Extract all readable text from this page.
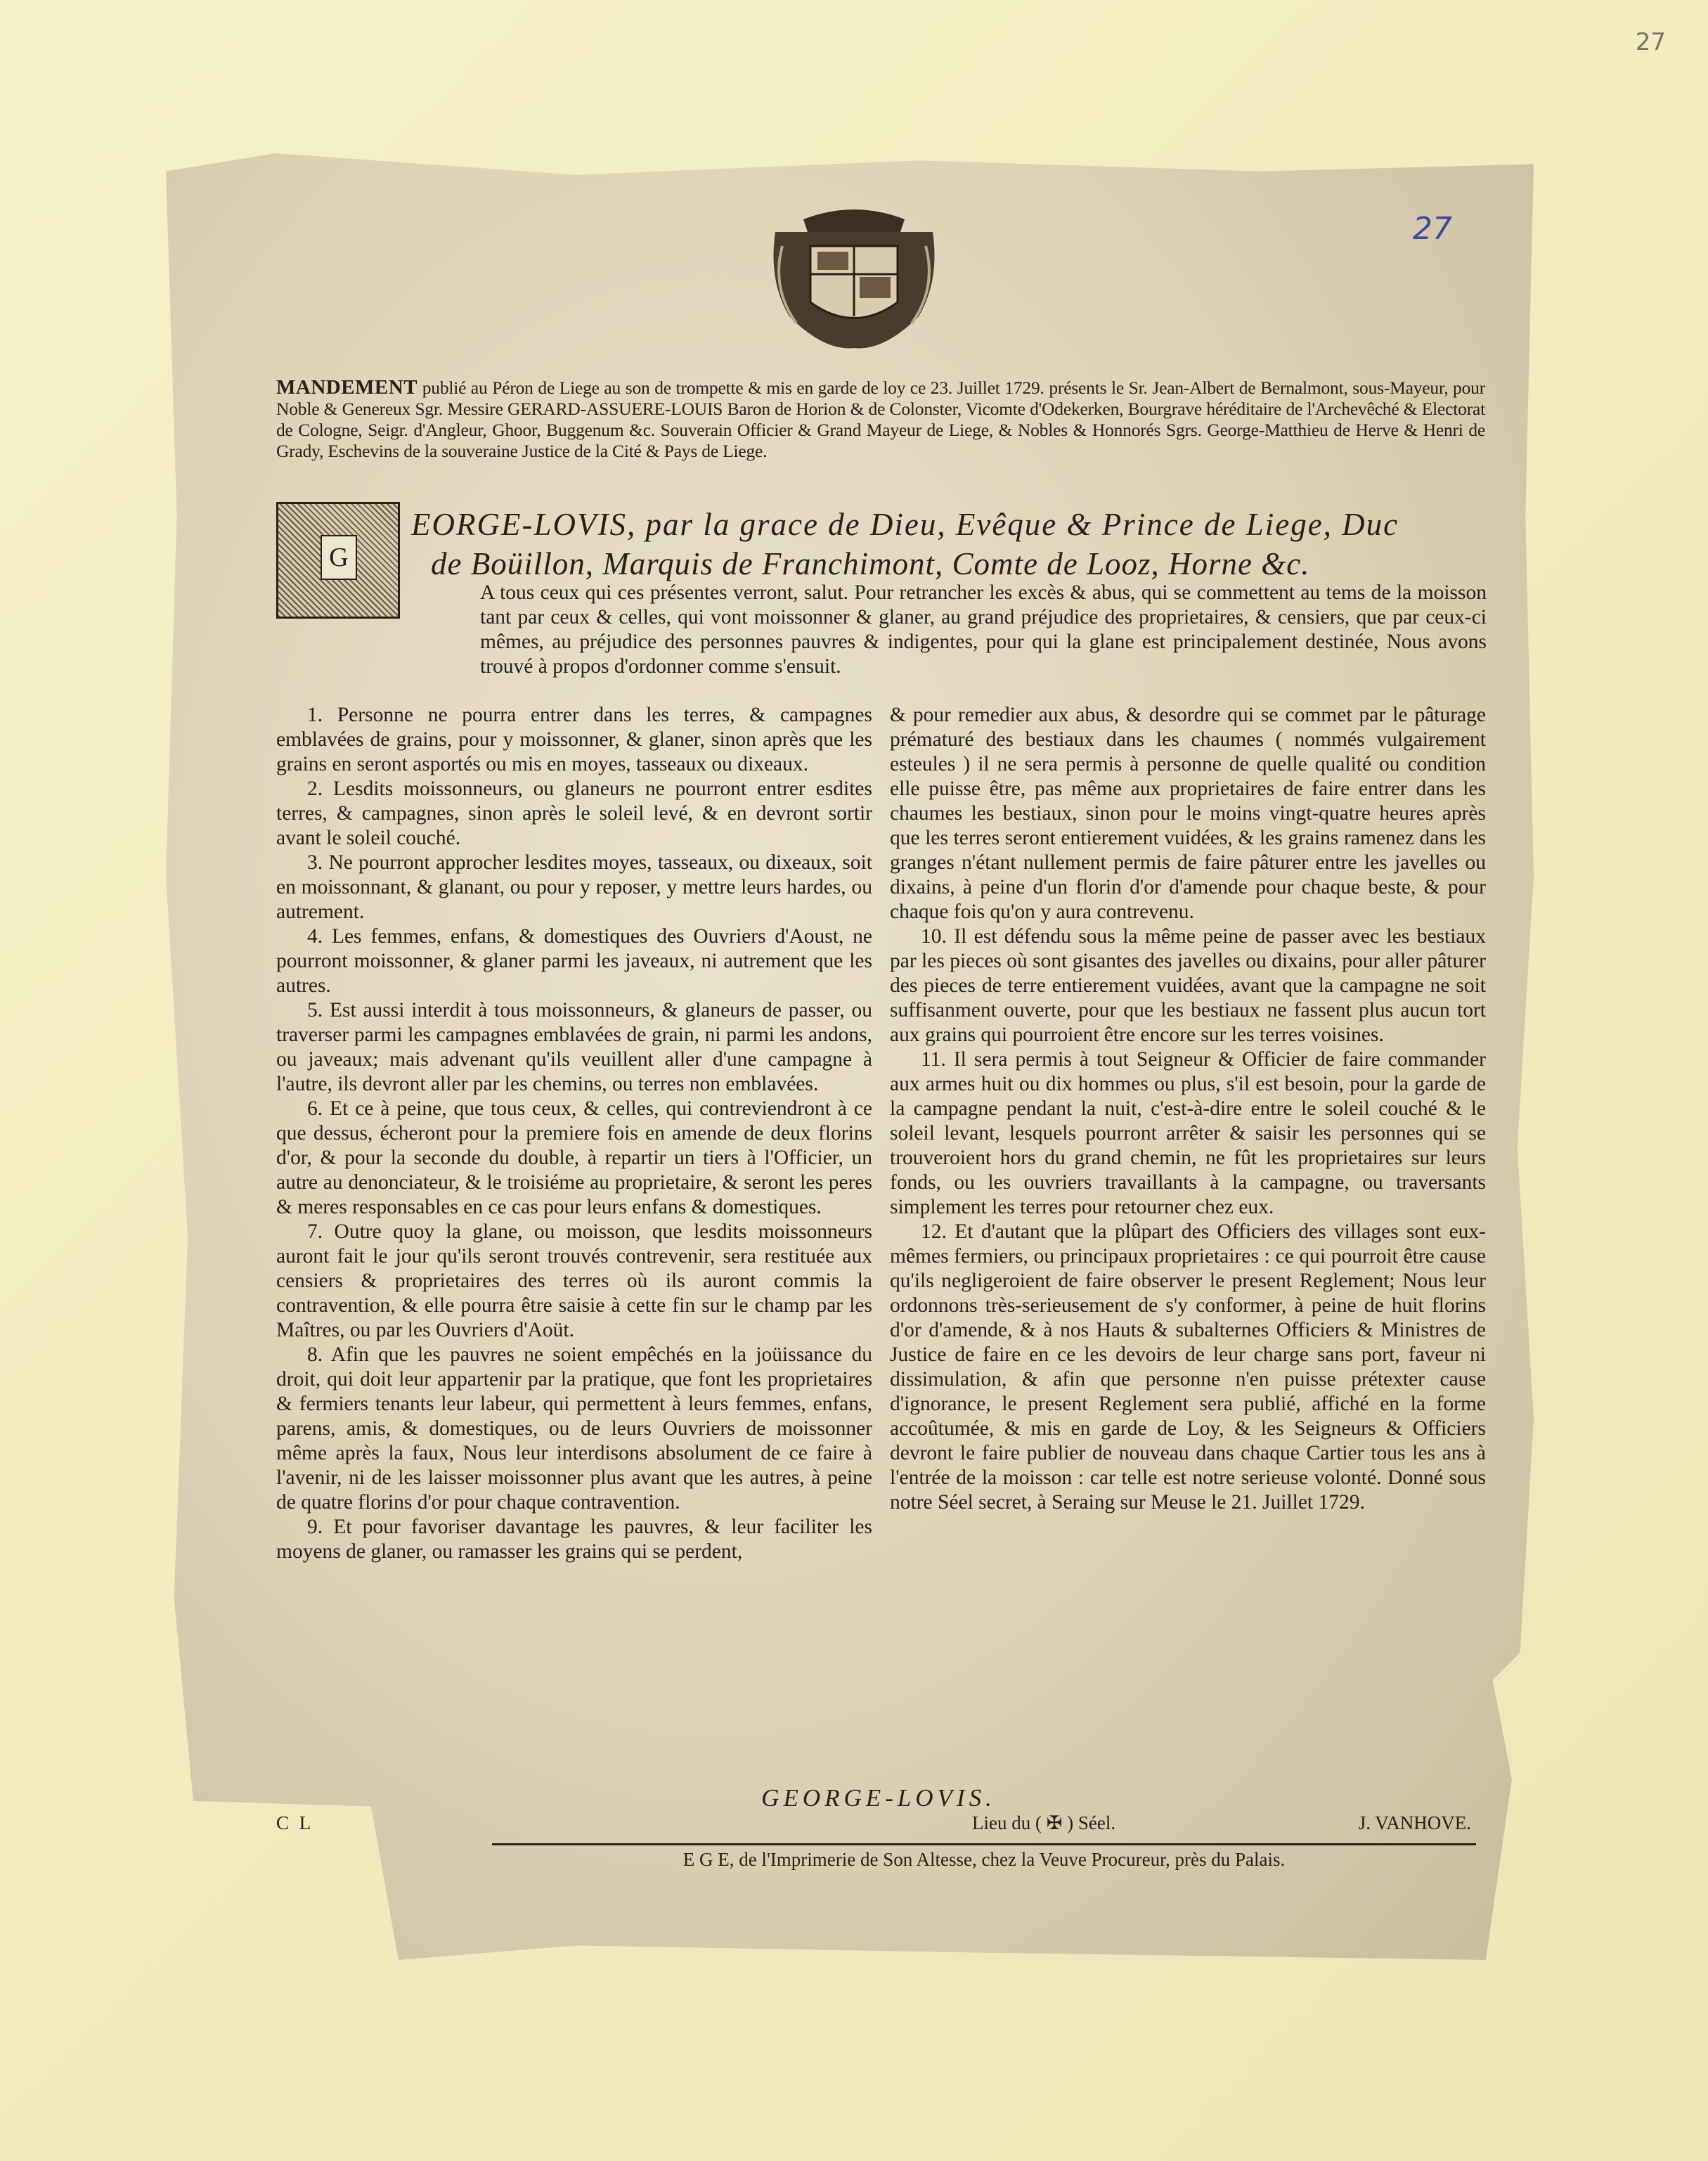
27
27
MANDEMENT publié au Péron de Liege au son de trompette & mis en garde de loy ce 23. Juillet 1729. présents le Sr. Jean-Albert de Bernalmont, sous-Mayeur, pour Noble & Genereux Sgr. Messire GERARD-ASSUERE-LOUIS Baron de Horion & de Colonster, Vicomte d'Odekerken, Bourgrave héréditaire de l'Archevêché & Electorat de Cologne, Seigr. d'Angleur, Ghoor, Buggenum &c. Souverain Officier & Grand Mayeur de Liege, & Nobles & Honnorés Sgrs. George-Matthieu de Herve & Henri de Grady, Eschevins de la souveraine Justice de la Cité & Pays de Liege.
G
EORGE-LOVIS, par la grace de Dieu, Evêque & Prince de Liege, Duc
de Boüillon, Marquis de Franchimont, Comte de Looz, Horne &c.

A tous ceux qui ces présentes verront, salut. Pour retrancher les excès & abus, qui se commettent au tems de la moisson tant par ceux & celles, qui vont moissonner & glaner, au grand préjudice des proprietaires, & censiers, que par ceux-ci mêmes, au préjudice des personnes pauvres & indigentes, pour qui la glane est principalement destinée, Nous avons trouvé à propos d'ordonner comme s'ensuit.

1. Personne ne pourra entrer dans les terres, & campagnes emblavées de grains, pour y moissonner, & glaner, sinon après que les grains en seront asportés ou mis en moyes, tasseaux ou dixeaux.

2. Lesdits moissonneurs, ou glaneurs ne pourront entrer esdites terres, & campagnes, sinon après le soleil levé, & en devront sortir avant le soleil couché.

3. Ne pourront approcher lesdites moyes, tasseaux, ou dixeaux, soit en moissonnant, & glanant, ou pour y reposer, y mettre leurs hardes, ou autrement.

4. Les femmes, enfans, & domestiques des Ouvriers d'Aoust, ne pourront moissonner, & glaner parmi les javeaux, ni autrement que les autres.

5. Est aussi interdit à tous moissonneurs, & glaneurs de passer, ou traverser parmi les campagnes emblavées de grain, ni parmi les andons, ou javeaux; mais advenant qu'ils veuillent aller d'une campagne à l'autre, ils devront aller par les chemins, ou terres non emblavées.

6. Et ce à peine, que tous ceux, & celles, qui contreviendront à ce que dessus, écheront pour la premiere fois en amende de deux florins d'or, & pour la seconde du double, à repartir un tiers à l'Officier, un autre au denonciateur, & le troisiéme au proprietaire, & seront les peres & meres responsables en ce cas pour leurs enfans & domestiques.

7. Outre quoy la glane, ou moisson, que lesdits moissonneurs auront fait le jour qu'ils seront trouvés contrevenir, sera restituée aux censiers & proprietaires des terres où ils auront commis la contravention, & elle pourra être saisie à cette fin sur le champ par les Maîtres, ou par les Ouvriers d'Aoüt.

8. Afin que les pauvres ne soient empêchés en la joüissance du droit, qui doit leur appartenir par la pratique, que font les proprietaires & fermiers tenants leur labeur, qui permettent à leurs femmes, enfans, parens, amis, & domestiques, ou de leurs Ouvriers de moissonner même après la faux, Nous leur interdisons absolument de ce faire à l'avenir, ni de les laisser moissonner plus avant que les autres, à peine de quatre florins d'or pour chaque contravention.

9. Et pour favoriser davantage les pauvres, & leur faciliter les moyens de glaner, ou ramasser les grains qui se perdent,

& pour remedier aux abus, & desordre qui se commet par le pâturage prématuré des bestiaux dans les chaumes ( nommés vulgairement esteules ) il ne sera permis à personne de quelle qualité ou condition elle puisse être, pas même aux proprietaires de faire entrer dans les chaumes les bestiaux, sinon pour le moins vingt-quatre heures après que les terres seront entierement vuidées, & les grains ramenez dans les granges n'étant nullement permis de faire pâturer entre les javelles ou dixains, à peine d'un florin d'or d'amende pour chaque beste, & pour chaque fois qu'on y aura contrevenu.

10. Il est défendu sous la même peine de passer avec les bestiaux par les pieces où sont gisantes des javelles ou dixains, pour aller pâturer des pieces de terre entierement vuidées, avant que la campagne ne soit suffisanment ouverte, pour que les bestiaux ne fassent plus aucun tort aux grains qui pourroient être encore sur les terres voisines.

11. Il sera permis à tout Seigneur & Officier de faire commander aux armes huit ou dix hommes ou plus, s'il est besoin, pour la garde de la campagne pendant la nuit, c'est-à-dire entre le soleil couché & le soleil levant, lesquels pourront arrêter & saisir les personnes qui se trouveroient hors du grand chemin, ne fût les proprietaires sur leurs fonds, ou les ouvriers travaillants à la campagne, ou traversants simplement les terres pour retourner chez eux.

12. Et d'autant que la plûpart des Officiers des villages sont eux-mêmes fermiers, ou principaux proprietaires : ce qui pourroit être cause qu'ils negligeroient de faire observer le present Reglement; Nous leur ordonnons très-serieusement de s'y conformer, à peine de huit florins d'or d'amende, & à nos Hauts & subalternes Officiers & Ministres de Justice de faire en ce les devoirs de leur charge sans port, faveur ni dissimulation, & afin que personne n'en puisse prétexter cause d'ignorance, le present Reglement sera publié, affiché en la forme accoûtumée, & mis en garde de Loy, & les Seigneurs & Officiers devront le faire publier de nouveau dans chaque Cartier tous les ans à l'entrée de la moisson : car telle est notre serieuse volonté. Donné sous notre Séel secret, à Seraing sur Meuse le 21. Juillet 1729.

GEORGE-LOVIS.
C L	Lieu du ( ✠ ) Séel.	J. VANHOVE.
E G E, de l'Imprimerie de Son Altesse, chez la Veuve Procureur, près du Palais.
